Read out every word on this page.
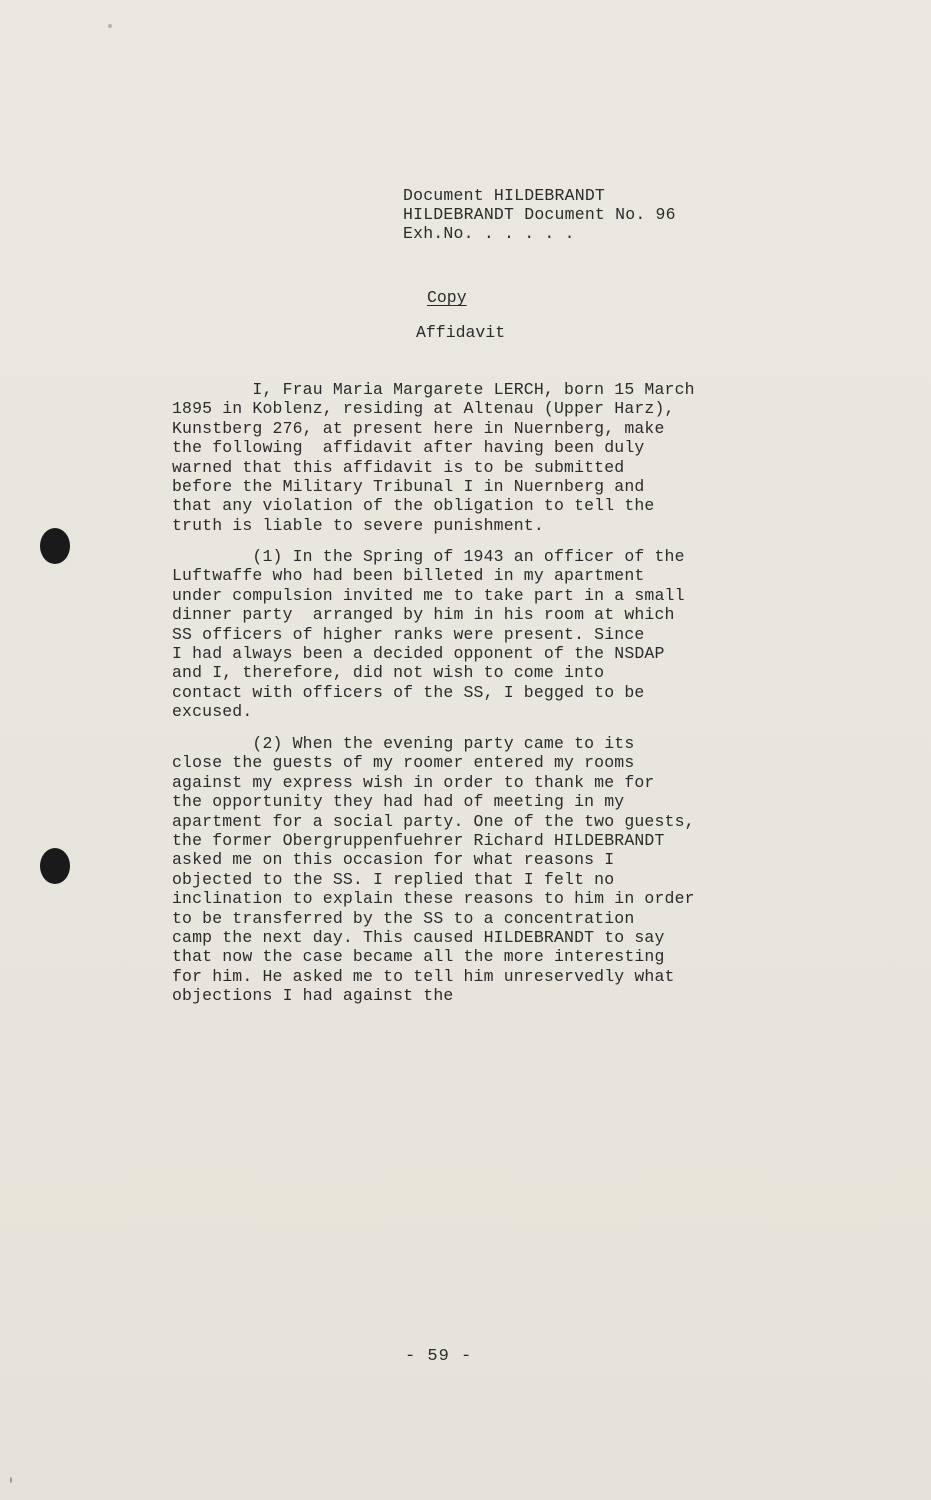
Document HILDEBRANDT
HILDEBRANDT Document No. 96
Exh.No. . . . . .
Copy
Affidavit
I, Frau Maria Margarete LERCH, born 15 March
1895 in Koblenz, residing at Altenau (Upper Harz),
Kunstberg 276, at present here in Nuernberg, make
the following  affidavit after having been duly
warned that this affidavit is to be submitted
before the Military Tribunal I in Nuernberg and
that any violation of the obligation to tell the
truth is liable to severe punishment.
(1) In the Spring of 1943 an officer of the
Luftwaffe who had been billeted in my apartment
under compulsion invited me to take part in a small
dinner party  arranged by him in his room at which
SS officers of higher ranks were present. Since
I had always been a decided opponent of the NSDAP
and I, therefore, did not wish to come into
contact with officers of the SS, I begged to be
excused.
(2) When the evening party came to its
close the guests of my roomer entered my rooms
against my express wish in order to thank me for
the opportunity they had had of meeting in my
apartment for a social party. One of the two guests,
the former Obergruppenfuehrer Richard HILDEBRANDT
asked me on this occasion for what reasons I
objected to the SS. I replied that I felt no
inclination to explain these reasons to him in order
to be transferred by the SS to a concentration
camp the next day. This caused HILDEBRANDT to say
that now the case became all the more interesting
for him. He asked me to tell him unreservedly what
objections I had against the
- 59 -
